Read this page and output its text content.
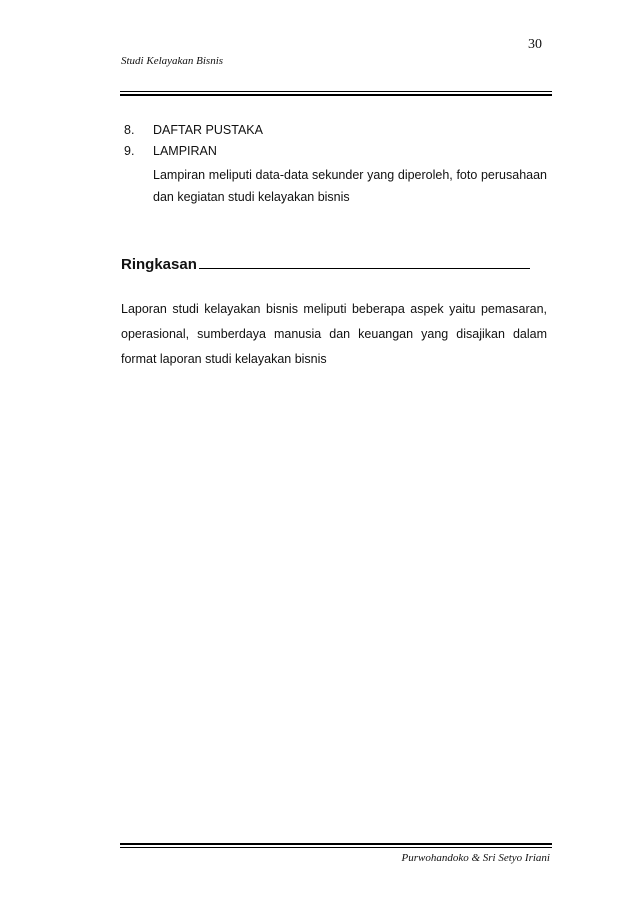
30
Studi Kelayakan Bisnis
8.	DAFTAR PUSTAKA
9.	LAMPIRAN
Lampiran meliputi data-data sekunder yang diperoleh, foto perusahaan dan kegiatan studi kelayakan bisnis
Ringkasan
Laporan studi kelayakan bisnis meliputi beberapa aspek yaitu pemasaran, operasional, sumberdaya manusia dan keuangan yang disajikan dalam format laporan studi kelayakan bisnis
Purwohandoko & Sri Setyo Iriani
